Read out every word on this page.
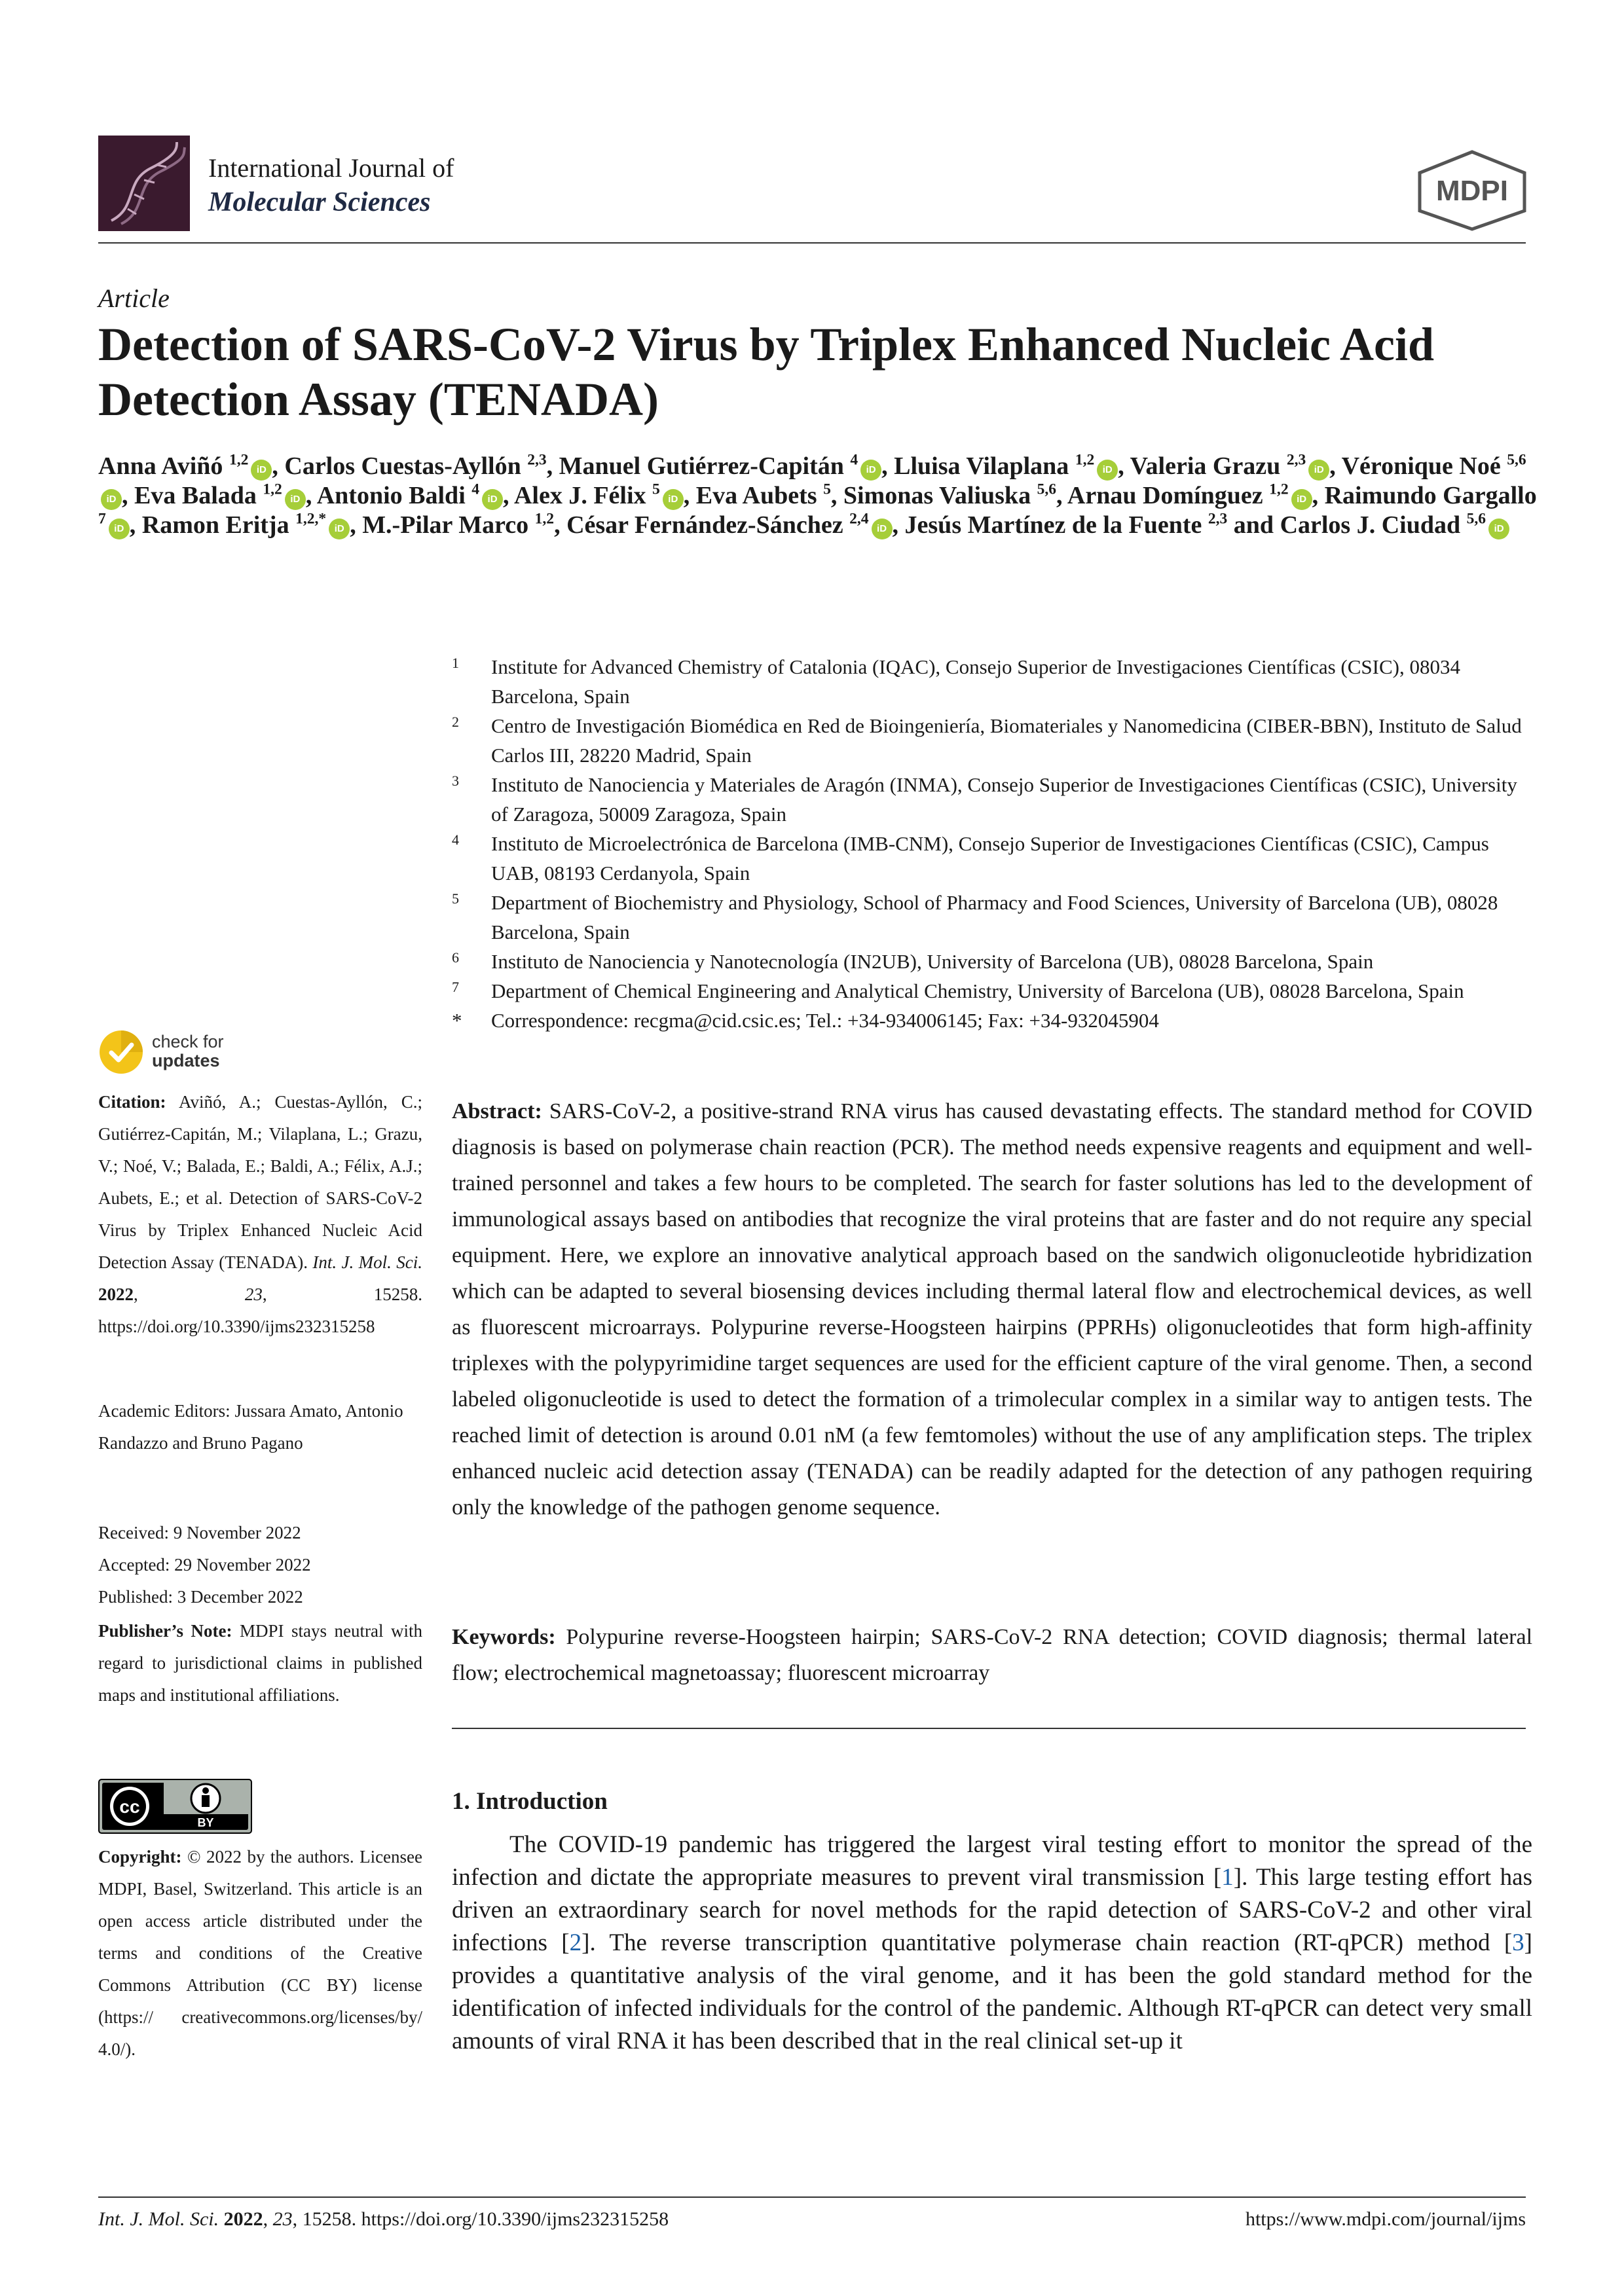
International Journal of
Molecular Sciences	MDPI
Article
Detection of SARS-CoV-2 Virus by Triplex Enhanced Nucleic Acid Detection Assay (TENADA)
Anna Aviñó $^{1,2}$iD , Carlos Cuestas-Ayllón $^{2,3}$, Manuel Gutiérrez-Capitán $^4$iD , Lluisa Vilaplana $^{1,2}$iD , Valeria Grazu $^{2,3}$iD , Véronique Noé $^{5,6}$iD , Eva Balada $^{1,2}$iD , Antonio Baldi $^4$iD , Alex J. Félix $^5$iD , Eva Aubets $^5$, Simonas Valiuska $^{5,6}$, Arnau Domínguez $^{1,2}$iD , Raimundo Gargallo $^7$iD , Ramon Eritja $^{1,2,*}$iD , M.-Pilar Marco $^{1,2}$, César Fernández-Sánchez $^{2,4}$iD , Jesús Martínez de la Fuente $^{2,3}$ and Carlos J. Ciudad $^{5,6}$iD
1 Institute for Advanced Chemistry of Catalonia (IQAC), Consejo Superior de Investigaciones Científicas (CSIC), 08034 Barcelona, Spain
2 Centro de Investigación Biomédica en Red de Bioingeniería, Biomateriales y Nanomedicina (CIBER-BBN), Instituto de Salud Carlos III, 28220 Madrid, Spain
3 Instituto de Nanociencia y Materiales de Aragón (INMA), Consejo Superior de Investigaciones Científicas (CSIC), University of Zaragoza, 50009 Zaragoza, Spain
4 Instituto de Microelectrónica de Barcelona (IMB-CNM), Consejo Superior de Investigaciones Científicas (CSIC), Campus UAB, 08193 Cerdanyola, Spain
5 Department of Biochemistry and Physiology, School of Pharmacy and Food Sciences, University of Barcelona (UB), 08028 Barcelona, Spain
6 Instituto de Nanociencia y Nanotecnología (IN2UB), University of Barcelona (UB), 08028 Barcelona, Spain
7 Department of Chemical Engineering and Analytical Chemistry, University of Barcelona (UB), 08028 Barcelona, Spain
* Correspondence: recgma@cid.csic.es; Tel.: +34-934006145; Fax: +34-932045904
check for
updates
Citation: Aviñó, A.; Cuestas-Ayllón, C.; Gutiérrez-Capitán, M.; Vilaplana, L.; Grazu, V.; Noé, V.; Balada, E.; Baldi, A.; Félix, A.J.; Aubets, E.; et al. Detection of SARS-CoV-2 Virus by Triplex Enhanced Nucleic Acid Detection Assay (TENADA). Int. J. Mol. Sci. 2022, 23, 15258. https://doi.org/10.3390/ijms232315258
Academic Editors: Jussara Amato, Antonio Randazzo and Bruno Pagano
Received: 9 November 2022
Accepted: 29 November 2022
Published: 3 December 2022
Publisher’s Note: MDPI stays neutral with regard to jurisdictional claims in published maps and institutional affiliations.
cc
BY
Copyright: © 2022 by the authors. Licensee MDPI, Basel, Switzerland. This article is an open access article distributed under the terms and conditions of the Creative Commons Attribution (CC BY) license (https:// creativecommons.org/licenses/by/ 4.0/).
Abstract: SARS-CoV-2, a positive-strand RNA virus has caused devastating effects. The standard method for COVID diagnosis is based on polymerase chain reaction (PCR). The method needs expensive reagents and equipment and well-trained personnel and takes a few hours to be completed. The search for faster solutions has led to the development of immunological assays based on antibodies that recognize the viral proteins that are faster and do not require any special equipment. Here, we explore an innovative analytical approach based on the sandwich oligonucleotide hybridization which can be adapted to several biosensing devices including thermal lateral flow and electrochemical devices, as well as fluorescent microarrays. Polypurine reverse-Hoogsteen hairpins (PPRHs) oligonucleotides that form high-affinity triplexes with the polypyrimidine target sequences are used for the efficient capture of the viral genome. Then, a second labeled oligonucleotide is used to detect the formation of a trimolecular complex in a similar way to antigen tests. The reached limit of detection is around 0.01 nM (a few femtomoles) without the use of any amplification steps. The triplex enhanced nucleic acid detection assay (TENADA) can be readily adapted for the detection of any pathogen requiring only the knowledge of the pathogen genome sequence.
Keywords: Polypurine reverse-Hoogsteen hairpin; SARS-CoV-2 RNA detection; COVID diagnosis; thermal lateral flow; electrochemical magnetoassay; fluorescent microarray
1. Introduction
The COVID-19 pandemic has triggered the largest viral testing effort to monitor the spread of the infection and dictate the appropriate measures to prevent viral transmission [1]. This large testing effort has driven an extraordinary search for novel methods for the rapid detection of SARS-CoV-2 and other viral infections [2]. The reverse transcription quantitative polymerase chain reaction (RT-qPCR) method [3] provides a quantitative analysis of the viral genome, and it has been the gold standard method for the identification of infected individuals for the control of the pandemic. Although RT-qPCR can detect very small amounts of viral RNA it has been described that in the real clinical set-up it
Int. J. Mol. Sci. 2022, 23, 15258. https://doi.org/10.3390/ijms232315258	https://www.mdpi.com/journal/ijms
